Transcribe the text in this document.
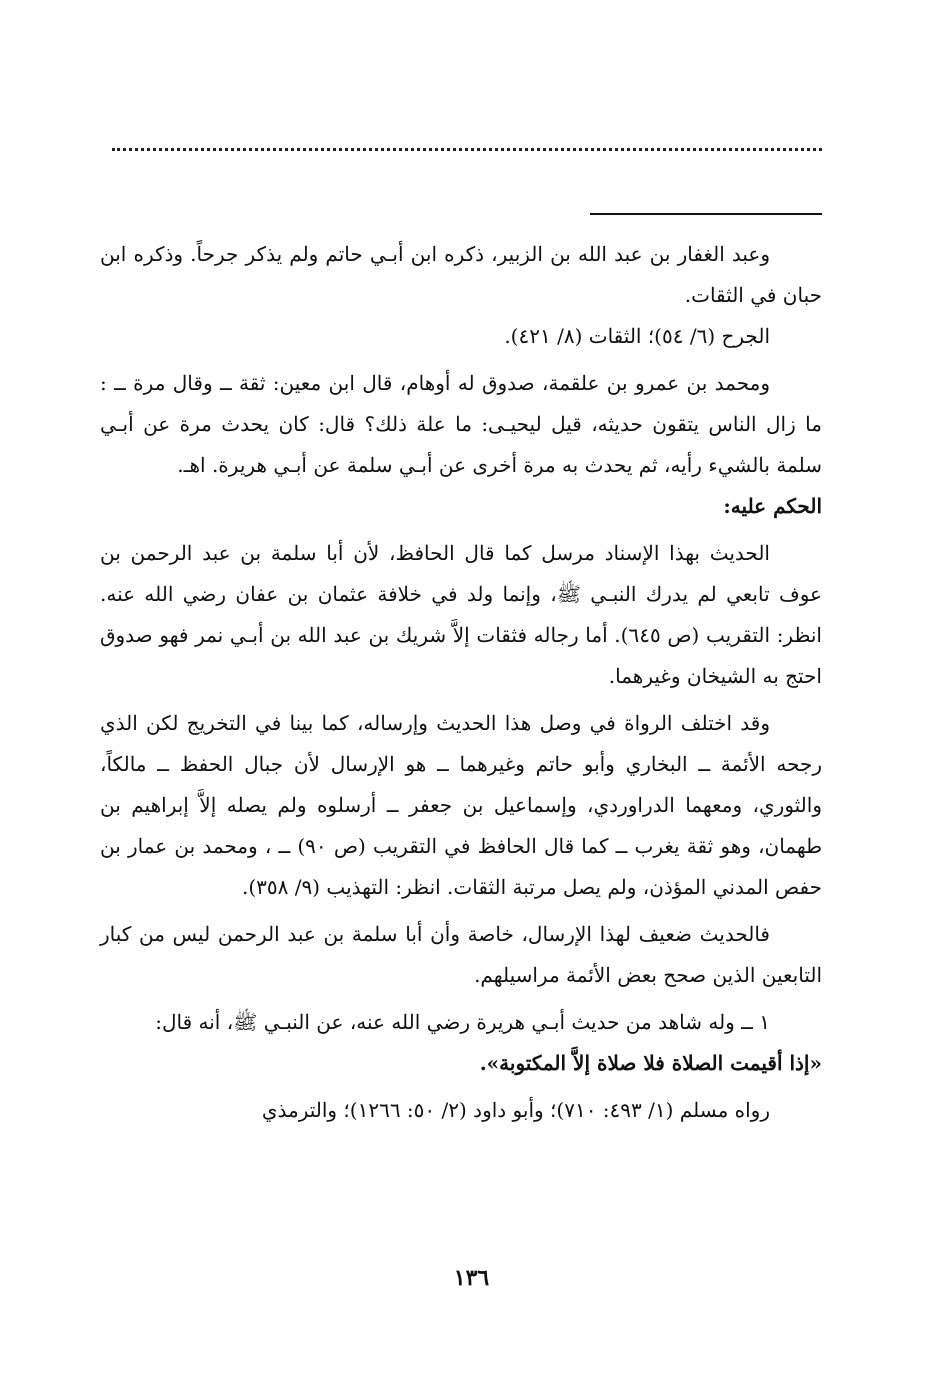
وعبد الغفار بن عبد الله بن الزبير، ذكره ابن أبـي حاتم ولم يذكر جرحاً. وذكره ابن حبان في الثقات.

الجرح (٦/ ٥٤)؛ الثقات (٨/ ٤٢١).

ومحمد بن عمرو بن علقمة، صدوق له أوهام، قال ابن معين: ثقة ــ وقال مرة ــ : ما زال الناس يتقون حديثه، قيل ليحيـى: ما علة ذلك؟ قال: كان يحدث مرة عن أبـي سلمة بالشيء رأيه، ثم يحدث به مرة أخرى عن أبـي سلمة عن أبـي هريرة. اهـ.

الحكم عليه:

الحديث بهذا الإسناد مرسل كما قال الحافظ، لأن أبا سلمة بن عبد الرحمن بن عوف تابعي لم يدرك النبـي ﷺ، وإنما ولد في خلافة عثمان بن عفان رضي الله عنه. انظر: التقريب (ص ٦٤٥). أما رجاله فثقات إلاَّ شريك بن عبد الله بن أبـي نمر فهو صدوق احتج به الشيخان وغيرهما.

وقد اختلف الرواة في وصل هذا الحديث وإرساله، كما بينا في التخريج لكن الذي رجحه الأئمة ــ البخاري وأبو حاتم وغيرهما ــ هو الإرسال لأن جبال الحفظ ــ مالكاً، والثوري، ومعهما الدراوردي، وإسماعيل بن جعفر ــ أرسلوه ولم يصله إلاَّ إبراهيم بن طهمان، وهو ثقة يغرب ــ كما قال الحافظ في التقريب (ص ٩٠) ــ ، ومحمد بن عمار بن حفص المدني المؤذن، ولم يصل مرتبة الثقات. انظر: التهذيب (٩/ ٣٥٨).

فالحديث ضعيف لهذا الإرسال، خاصة وأن أبا سلمة بن عبد الرحمن ليس من كبار التابعين الذين صحح بعض الأئمة مراسيلهم.

١ ــ وله شاهد من حديث أبـي هريرة رضي الله عنه، عن النبـي ﷺ، أنه قال:

«إذا أقيمت الصلاة فلا صلاة إلاَّ المكتوبة».

رواه مسلم (١/ ٤٩٣: ٧١٠)؛ وأبو داود (٢/ ٥٠: ١٢٦٦)؛ والترمذي

١٣٦
